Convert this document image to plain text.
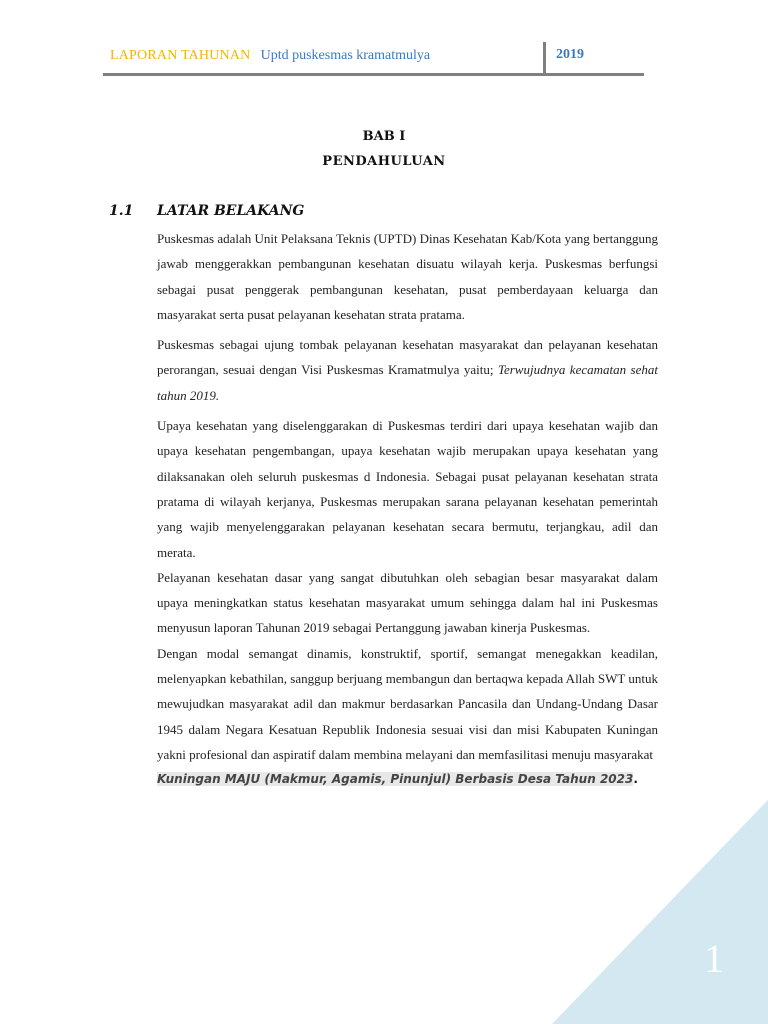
LAPORAN TAHUNAN Uptd puskesmas kramatmulya	2019
BAB I
PENDAHULUAN
1.1 LATAR BELAKANG

Puskesmas adalah Unit Pelaksana Teknis (UPTD) Dinas Kesehatan Kab/Kota yang bertanggung jawab menggerakkan pembangunan kesehatan disuatu wilayah kerja. Puskesmas berfungsi sebagai pusat penggerak pembangunan kesehatan, pusat pemberdayaan keluarga dan masyarakat serta pusat pelayanan kesehatan strata pratama.

Puskesmas sebagai ujung tombak pelayanan kesehatan masyarakat dan pelayanan kesehatan perorangan, sesuai dengan Visi Puskesmas Kramatmulya yaitu; Terwujudnya kecamatan sehat tahun 2019.

Upaya kesehatan yang diselenggarakan di Puskesmas terdiri dari upaya kesehatan wajib dan upaya kesehatan pengembangan, upaya kesehatan wajib merupakan upaya kesehatan yang dilaksanakan oleh seluruh puskesmas d Indonesia. Sebagai pusat pelayanan kesehatan strata pratama di wilayah kerjanya, Puskesmas merupakan sarana pelayanan kesehatan pemerintah yang wajib menyelenggarakan pelayanan kesehatan secara bermutu, terjangkau, adil dan merata.

Pelayanan kesehatan dasar yang sangat dibutuhkan oleh sebagian besar masyarakat dalam upaya meningkatkan status kesehatan masyarakat umum sehingga dalam hal ini Puskesmas menyusun laporan Tahunan 2019 sebagai Pertanggung jawaban kinerja Puskesmas.

Dengan modal semangat dinamis, konstruktif, sportif, semangat menegakkan keadilan, melenyapkan kebathilan, sanggup berjuang membangun dan bertaqwa kepada Allah SWT untuk mewujudkan masyarakat adil dan makmur berdasarkan Pancasila dan Undang-Undang Dasar 1945 dalam Negara Kesatuan Republik Indonesia sesuai visi dan misi Kabupaten Kuningan yakni profesional dan aspiratif dalam membina melayani dan memfasilitasi menuju masyarakat

Kuningan MAJU (Makmur, Agamis, Pinunjul) Berbasis Desa Tahun 2023.
1
